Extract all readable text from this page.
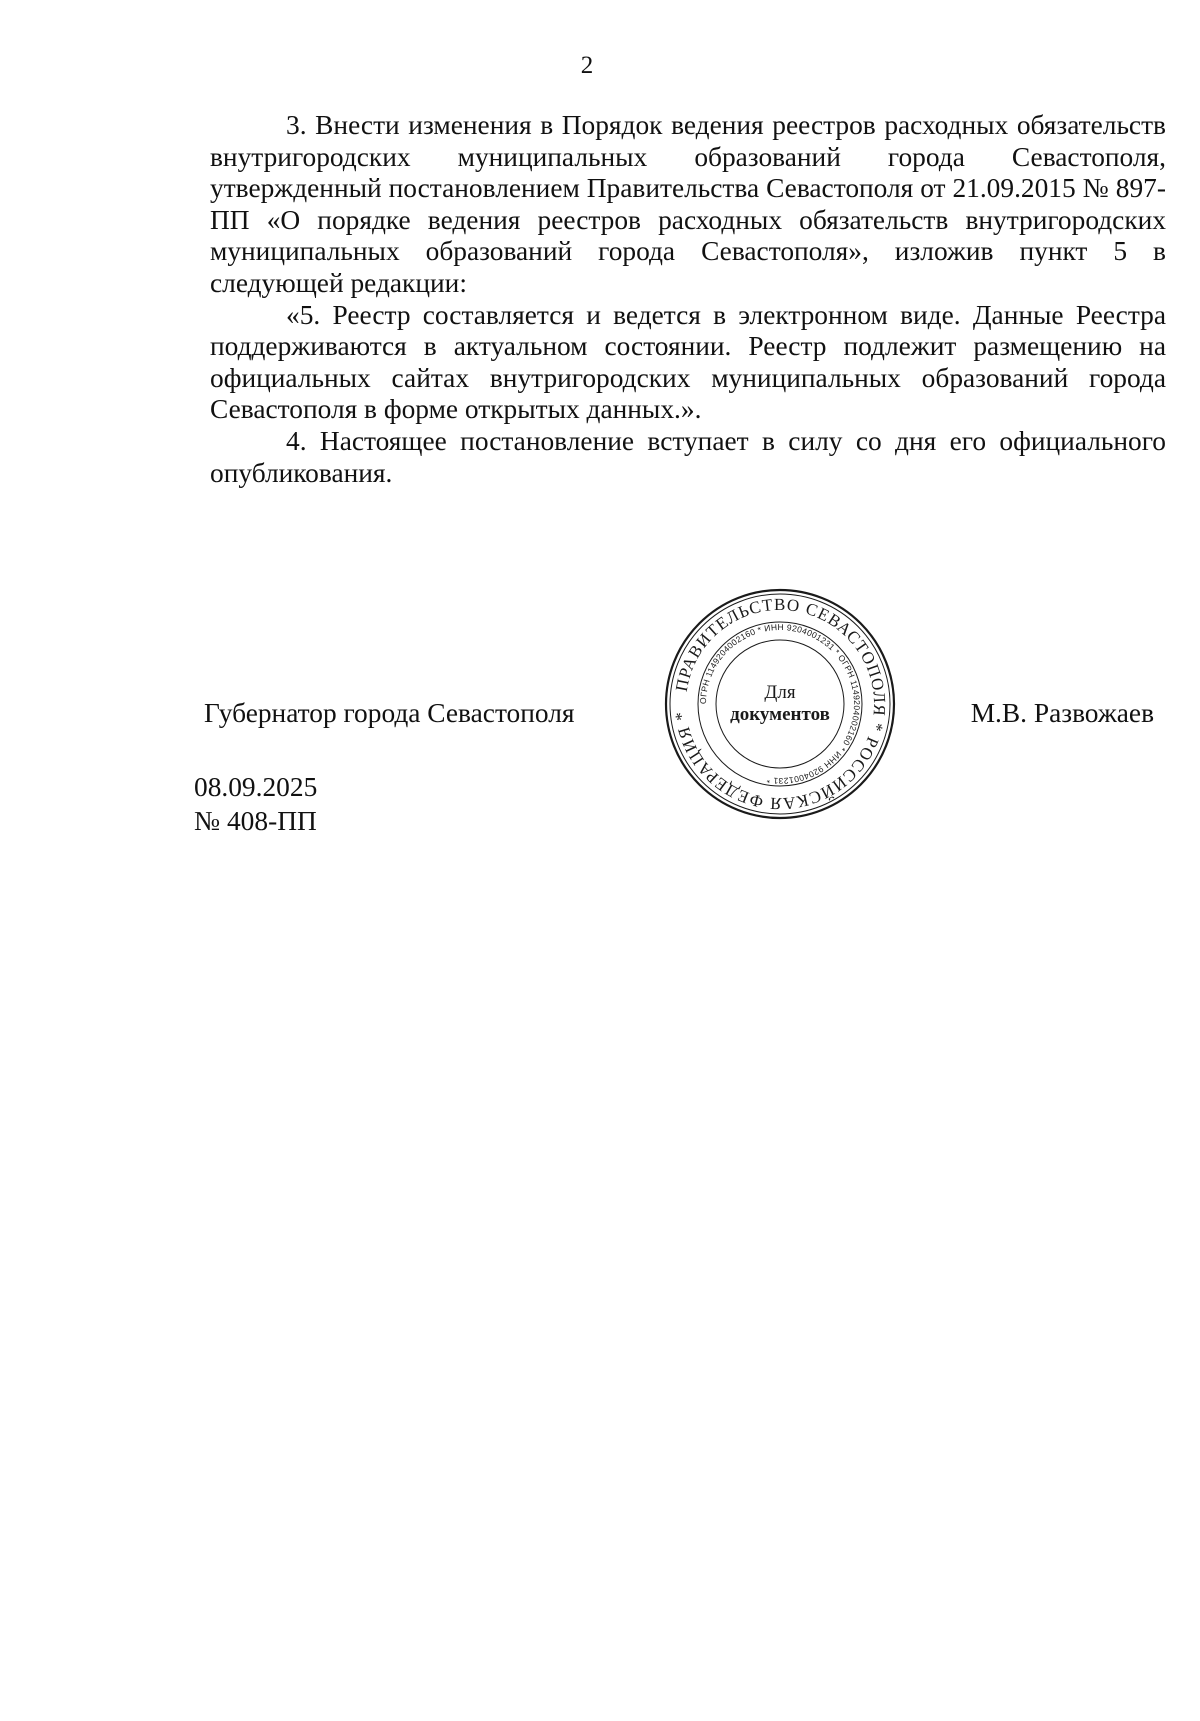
2

3. Внести изменения в Порядок ведения реестров расходных обязательств внутригородских муниципальных образований города Севастополя, утвержденный постановлением Правительства Севастополя от 21.09.2015 № 897-ПП «О порядке ведения реестров расходных обязательств внутригородских муниципальных образований города Севастополя», изложив пункт 5 в следующей редакции:

«5. Реестр составляется и ведется в электронном виде. Данные Реестра поддерживаются в актуальном состоянии. Реестр подлежит размещению на официальных сайтах внутригородских муниципальных образований города Севастополя в форме открытых данных.».

4. Настоящее постановление вступает в силу со дня его официального опубликования.

Губернатор города Севастополя
ПРАВИТЕЛЬСТВО СЕВАСТОПОЛЯ * РОССИЙСКАЯ ФЕДЕРАЦИЯ *
ОГРН 1149204002160 * ИНН 9204001231 * ОГРН 1149204002160 * ИНН 9204001231 *
Для
документов	М.В. Развожаев
08.09.2025
№ 408-ПП
